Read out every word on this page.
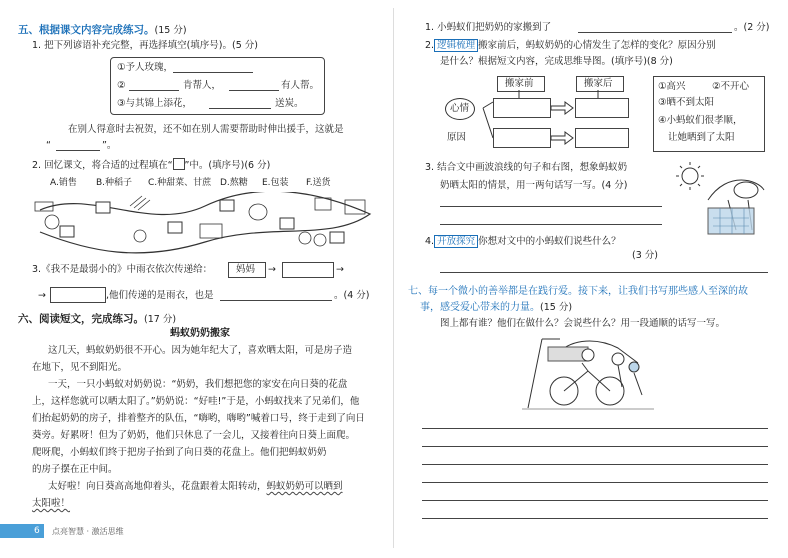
五、根据课文内容完成练习。(15 分)
1. 把下列谚语补充完整，再选择填空(填序号)。(5 分)
①予人玫瑰，
②	肯帮人，	有人帮。
③与其锦上添花，	送炭。
在别人得意时去祝贺，还不如在别人需要帮助时伸出援手，这就是
“	”。
2. 回忆课文，将合适的过程填在“ ”中。(填序号)(6 分)
A.销售 B.种稻子 C.种甜菜、甘蔗 D.熬糖 E.包装 F.送货
3.《我不是最弱小的》中雨衣依次传递给：	妈妈 →	→
→	,他们传递的是雨衣，也是	。(4 分)
六、阅读短文，完成练习。(17 分)
蚂蚁奶奶搬家
这几天，蚂蚁奶奶很不开心。因为她年纪大了，喜欢晒太阳，可是房子造
在地下，见不到阳光。
一天，一只小蚂蚁对奶奶说：“奶奶，我们想把您的家安在向日葵的花盘
上，这样您就可以晒太阳了。”奶奶说：“好哇!”于是，小蚂蚁找来了兄弟们，他
们抬起奶奶的房子，排着整齐的队伍，“嗨哟，嗨哟”喊着口号，终于走到了向日
葵旁。好累呀！但为了奶奶，他们只休息了一会儿，又接着往向日葵上面爬。
爬呀爬，小蚂蚁们终于把房子抬到了向日葵的花盘上。他们把蚂蚁奶奶
的房子摆在正中间。
太好啦！向日葵高高地仰着头，花盘跟着太阳转动，蚂蚁奶奶可以晒到
太阳啦！
6 点亮智慧 · 激活思维
1. 小蚂蚁们把奶奶的家搬到了	。(2 分)
2. 逻辑梳理 搬家前后，蚂蚁奶奶的心情发生了怎样的变化？原因分别
是什么？根据短文内容，完成思维导图。(填序号)(8 分)
搬家前	搬家后
心情
原因
①高兴	②不开心
③晒不到太阳
④小蚂蚁们很孝顺，
让她晒到了太阳
3. 结合文中画波浪线的句子和右图，想象蚂蚁奶
奶晒太阳的情景，用一两句话写一写。(4 分)
4. 开放探究 你想对文中的小蚂蚁们说些什么？
(3 分)
七、每一个微小的善举都是在践行爱。接下来，让我们书写那些感人至深的故
事，感受爱心带来的力量。(15 分)
图上都有谁？他们在做什么？会说些什么？用一段通顺的话写一写。
